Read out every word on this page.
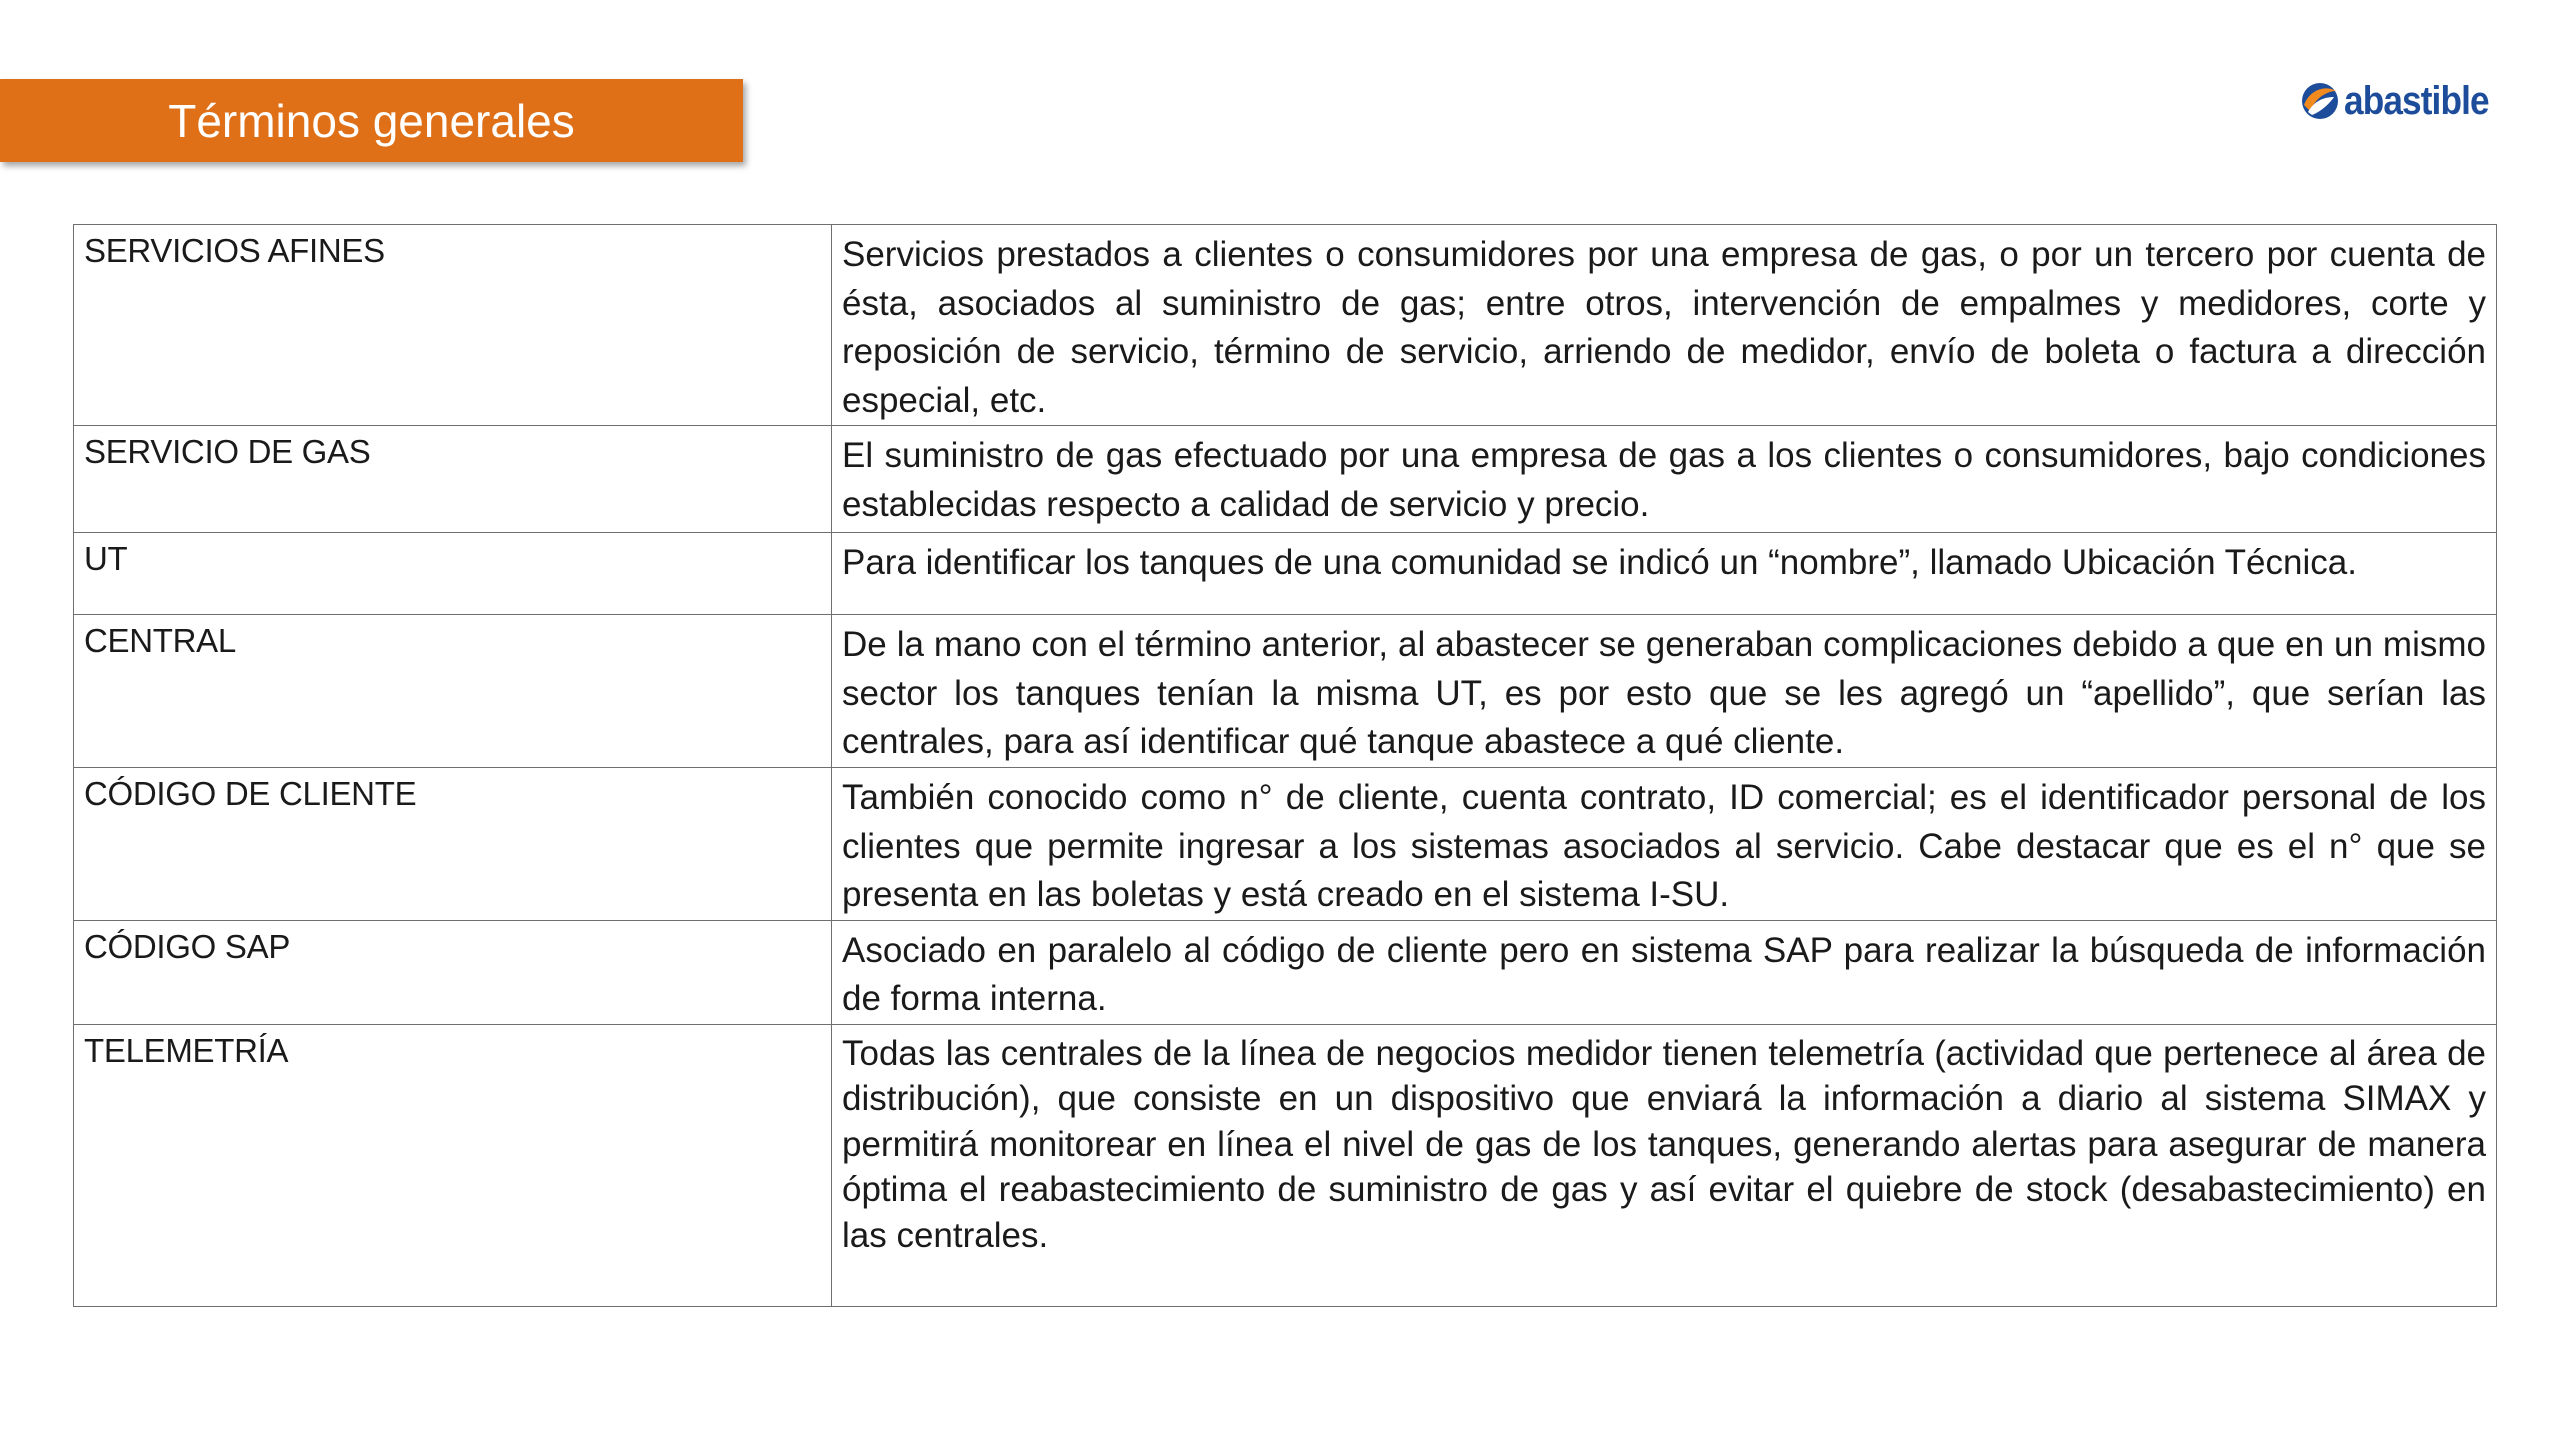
Términos generales	abastible
SERVICIOS AFINES	Servicios prestados a clientes o consumidores por una empresa de gas, o por un tercero por cuenta de ésta, asociados al suministro de gas; entre otros, intervención de empalmes y medidores, corte y reposición de servicio, término de servicio, arriendo de medidor, envío de boleta o factura a dirección especial, etc.
SERVICIO DE GAS	El suministro de gas efectuado por una empresa de gas a los clientes o consumidores, bajo condiciones establecidas respecto a calidad de servicio y precio.
UT	Para identificar los tanques de una comunidad se indicó un “nombre”, llamado Ubicación Técnica.
CENTRAL	De la mano con el término anterior, al abastecer se generaban complicaciones debido a que en un mismo sector los tanques tenían la misma UT, es por esto que se les agregó un “apellido”, que serían las centrales, para así identificar qué tanque abastece a qué cliente.
CÓDIGO DE CLIENTE	También conocido como n° de cliente, cuenta contrato, ID comercial; es el identificador personal de los clientes que permite ingresar a los sistemas asociados al servicio. Cabe destacar que es el n° que se presenta en las boletas y está creado en el sistema I-SU.
CÓDIGO SAP	Asociado en paralelo al código de cliente pero en sistema SAP para realizar la búsqueda de información de forma interna.
TELEMETRÍA	Todas las centrales de la línea de negocios medidor tienen telemetría (actividad que pertenece al área de distribución), que consiste en un dispositivo que enviará la información a diario al sistema SIMAX y permitirá monitorear en línea el nivel de gas de los tanques, generando alertas para asegurar de manera óptima el reabastecimiento de suministro de gas y así evitar el quiebre de stock (desabastecimiento) en las centrales.
